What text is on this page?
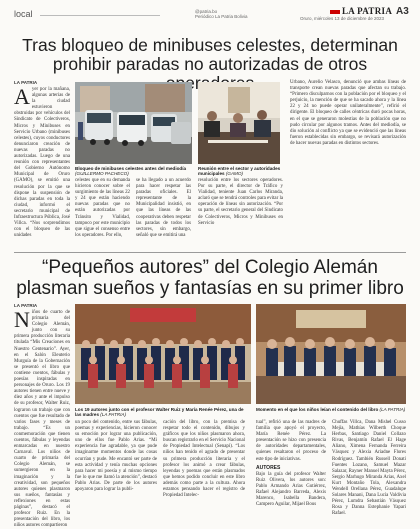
local	@patria.bo
Periódico La Patria Bolivia
LA PATRIA
Oruro, miércoles 13 de diciembre de 2023
A3
Tras bloqueo de minibuses celestes, determinan prohibir paradas no autorizadas de otros
LA PATRIA
Ayer por la mañana, algunas arterias de la ciudad estuvieron obstruidas por vehículos del Sindicato de Colectiveros, Micros y Minibuses en Servicio Urbano (minibuses celestes), cuyos conductores denunciaron creación de nuevas paradas no autorizadas. Luego de una reunión con representantes del Gobierno Autónomo Municipal de Oruro (GAMO), se emitió una resolución por la que se dispone la suspensión de dichas paradas en toda la ciudad, informó el secretario municipal de Infraestructura Pública, José Villca. “Nos sorprendimos con el bloqueo de las unidades
Bloqueo de minibuses celestes antes del mediodía (GUILLERMO PACHECO)
Reunión entre el sector y autoridades municipales (GAMO)
celestes que en su demanda hicieron conocer sobre el surgimiento de las líneas 22 y 24 que están haciendo nuevas paradas que no están autorizadas por Tránsito y Vialidad, tampoco por este municipio que sigue el consenso entre los operadores. Por ello,
se ha llegado a un acuerdo para hacer respetar las paradas oficiales. El representante de la Municipalidad insistió, en que las líneas de las cooperativas deben respetar las paradas de todos los sectores, sin embargo, señaló que se emitirá una
resolución entre los sectores operadores. Por su parte, el director de Tráfico y Vialidad, teniente Juan Carlos Miranda, aclaró que se tendrá controles para evitar la operación de líneas sin autorización. “Por su parte, el secretario general del Sindicato de Colectiveros, Micros y Minibuses en Servicio
Urbano, Aurelio Velasco, denunció que ambas líneas de transporte crean nuevas paradas que afectan su trabajo. “Primero disculparnos con la población por el bloqueo y el perjuicio, la mención de que se ha sacado ahora y la línea 22 y 24 no puede operar unilateralmente”, refirió el dirigente. El bloqueo de calles céntricas duró pocas horas, en el que se generaron molestias de la población que no pudo circular por algunos tramos. Antes del mediodía, se dio solución al conflicto ya que se evidenció que las líneas fueron establecidas sin embargo, se revisará autorización de hacer nuevas paradas en distintos sectores.
“Pequeños autores” del Colegio Alemán plasman sueños y fantasías en su primer libro
LA PATRIA
Niños de cuarto de primaria del Colegio Alemán, junto con su primera producción literaria titulada “Mis Creaciones en Nuestro Centenario”. Ayer, en el Salón Eleuterio Murguía de la Gobernación se presentó el libro que contiene cuentos, fábulas y poesías inspiradas en personajes de Oruro. Los 19 autores tienen entre nueve y diez años y ante el impulso de su profesor, Walter Ruiz, lograron un trabajo que con cuentos que fue resultado de varios fases y meses de trabajo. “Es un conmemoración que tienen cuentos, fábulas y leyendas enmarcadas en nuestro Carnaval. Los niños de cuarto de primaria del Colegio Alemán, se sumergieron en la imaginación y la creatividad, son pequeños autores quienes plasmaron sus sueños, fantasías y reflexiones en estas páginas”, destacó el profesor Ruiz. En la presentación del libro, los niños autores compartieron
Los 19 autores junto con el profesor Walter Ruiz y María Renée Pérez, una de las madres (LA PATRIA)
Momento en el que los niños leían el contenido del libro (LA PATRIA)
un poco del contenido, entre sus fábulas, poemas y experiencias, hicieron conocer su emoción por lograr una publicación, uno de ellos fue Pablo Arias. “Mi experiencia fue agradable, ya que pude imaginarme momentos donde las cosas ocurrían y pude. Me encantó ser parte de esta actividad y tenía muchas opciones para hacer mi poesía y al mismo tiempo fue lo que me llamó la atención”, destacó Pablo Arias. De parte de los autores apoyaron para lograr la publi-
cación del libro, con la premisa de respetar todo el contenido, dibujos y gráficos que los niños plasmaron ahora, buscan registrarlo en el Servicio Nacional de Propiedad Intelectual (Senapi). “Los niños han tenido el agrado de presentar su primera producción literaria y el profesor los animó a crear fábulas, leyendas y poemas que están plasmados que hemos podido concluir en este libro además como parte a la cultura. Ahora estamos pensando hacer el registro de Propiedad Intelec-
tual”, refirió una de las madres de familia que apoyó el proyecto, María Renée Pérez. La presentación se hizo con presencia de autoridades departamentales, quienes resaltaron el proceso de este tipo de iniciativas.
AUTORES
Bajo la guía del profesor Walter Ruiz Olivera, los autores son: Pablo Armando Arias Gutiérrez, Rafael Alejandro Barreda, Alexis Marenco, Isabella Bandera, Campero Aguilar, Mijael Bous
Chuffas Villca, Dana Mishel Cusso Mejía, Mathías Wilberth Choque Herbas, Santiago Daniel Collazo Rivas, Benjamín Rafael El Hage Aliano, Ximena Fernanda Ferreira Vásquez y Alexia Ariadne Flores Rodríguez. También Russell Donati Fuentes Lozano, Samuel Mazar Salazar, Rayner Manuel Mayta Pérez, Sergio Marhugo Miranda Arias, Axel Kurt Montaño Tola, Alexandra Wendell Orellana Pérez, Guadalupe Solares Manani, Dana Lucía Valdivia Pérez, Lumdra Sebastián Vásquez Rosa y Danna Estephanie Yapari Rafael.
